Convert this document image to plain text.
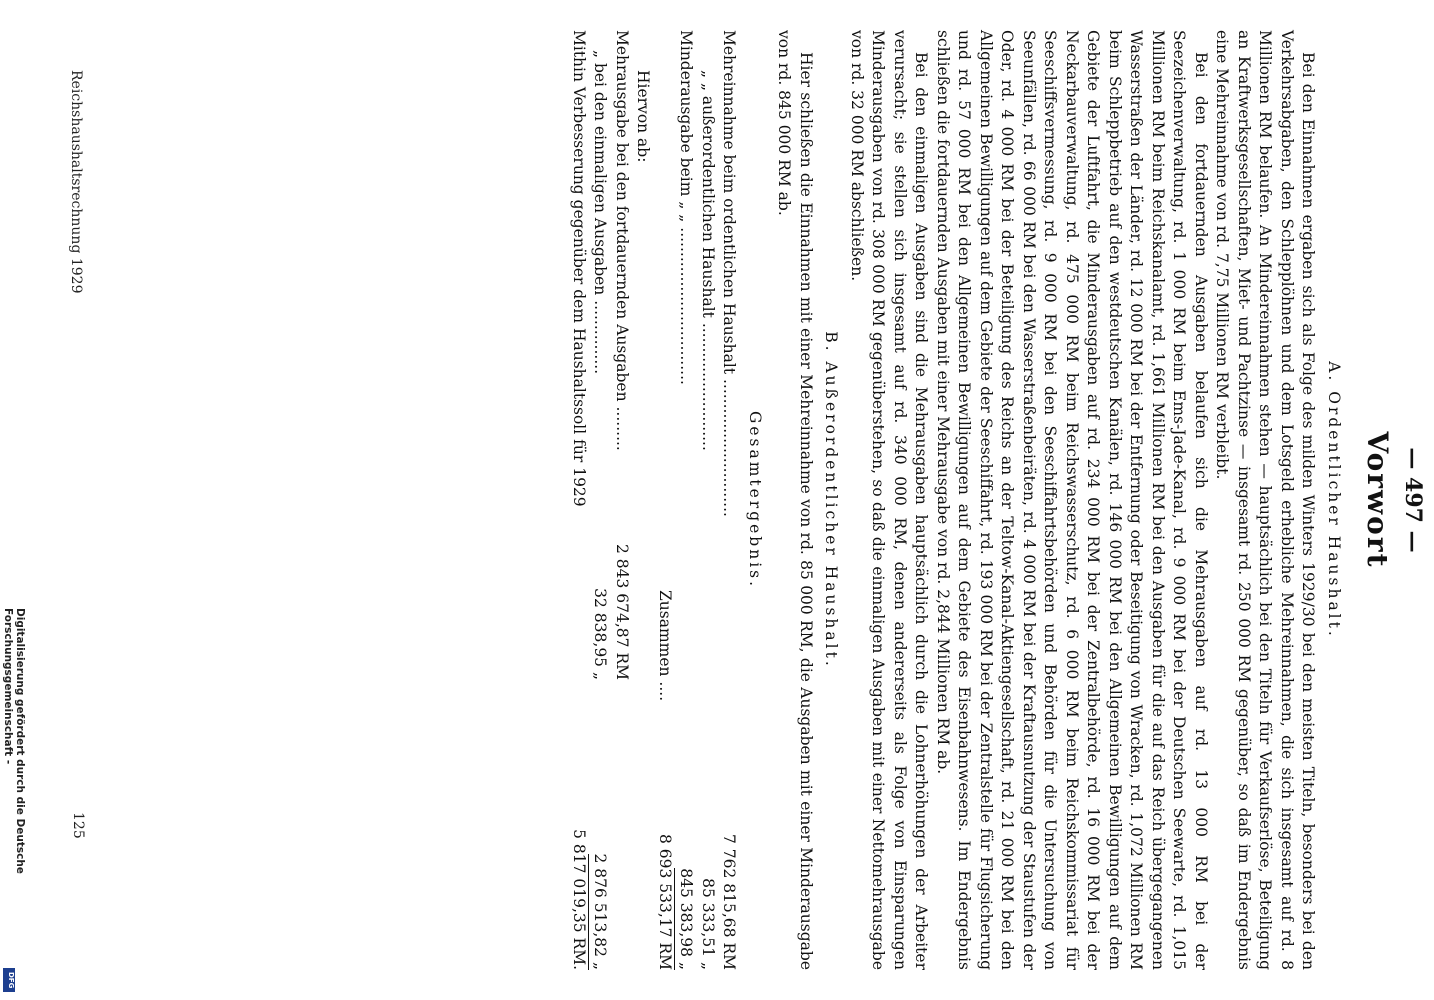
Reichshaushaltsrechnung 1929
125
Digitalisierung gefördert durch die Deutsche Forschungsgemeinschaft -
DFG
— 497 —
Vorwort
A. Ordentlicher Haushalt.

Bei den Einnahmen ergaben sich als Folge des milden Winters 1929/30 bei den meisten Titeln, besonders bei den Verkehrsabgaben, den Schlepplöhnen und dem Lotsgeld erhebliche Mehreinnahmen, die sich insgesamt auf rd. 8 Millionen RM belaufen. An Mindereinnahmen stehen — hauptsächlich bei den Titeln für Verkaufserlöse, Beteiligung an Kraftwerksgesellschaften, Miet- und Pachtzinse — insgesamt rd. 250 000 RM gegenüber, so daß im Endergebnis eine Mehreinnahme von rd. 7,75 Millionen RM verbleibt.

Bei den fortdauernden Ausgaben belaufen sich die Mehrausgaben auf rd. 13 000 RM bei der Seezeichenverwaltung, rd. 1 000 RM beim Ems-Jade-Kanal, rd. 9 000 RM bei der Deutschen Seewarte, rd. 1,015 Millionen RM beim Reichskanalamt, rd. 1,661 Millionen RM bei den Ausgaben für die auf das Reich übergegangenen Wasserstraßen der Länder, rd. 12 000 RM bei der Entfernung oder Beseitigung von Wracken, rd. 1,072 Millionen RM beim Schleppbetrieb auf den westdeutschen Kanälen, rd. 146 000 RM bei den Allgemeinen Bewilligungen auf dem Gebiete der Luftfahrt, die Minderausgaben auf rd. 234 000 RM bei der Zentralbehörde, rd. 16 000 RM bei der Neckarbauverwaltung, rd. 475 000 RM beim Reichswasserschutz, rd. 6 000 RM beim Reichskommissariat für Seeschiffsvermessung, rd. 9 000 RM bei den Seeschiffahrtsbehörden und Behörden für die Untersuchung von Seeunfällen, rd. 66 000 RM bei den Wasserstraßenbeiräten, rd. 4 000 RM bei der Kraftausnutzung der Staustufen der Oder, rd. 4 000 RM bei der Beteiligung des Reichs an der Teltow-Kanal-Aktiengesellschaft, rd. 21 000 RM bei den Allgemeinen Bewilligungen auf dem Gebiete der Seeschiffahrt, rd. 193 000 RM bei der Zentralstelle für Flugsicherung und rd. 57 000 RM bei den Allgemeinen Bewilligungen auf dem Gebiete des Eisenbahnwesens. Im Endergebnis schließen die fortdauernden Ausgaben mit einer Mehrausgabe von rd. 2,844 Millionen RM ab.

Bei den einmaligen Ausgaben sind die Mehrausgaben hauptsächlich durch die Lohnerhöhungen der Arbeiter verursacht; sie stellen sich insgesamt auf rd. 340 000 RM, denen andererseits als Folge von Einsparungen Minderausgaben von rd. 308 000 RM gegenüberstehen, so daß die einmaligen Ausgaben mit einer Nettomehrausgabe von rd. 32 000 RM abschließen.

B. Außerordentlicher Haushalt.

Hier schließen die Einnahmen mit einer Mehreinnahme von rd. 85 000 RM, die Ausgaben mit einer Minderausgabe von rd. 845 000 RM ab.

Gesamtergebnis.
Mehreinnahme beim ordentlichen Haushalt ............................
7 762 815,68 RM
„ „ außerordentlichen Haushalt ..........................
85 333,51 „
Minderausgabe beim „ „ ................................
845 383,98 „
Zusammen ....
8 693 533,17 RM
Hiervon ab:
Mehrausgabe bei den fortdauernden Ausgaben .........
2 843 674,87 RM
„ bei den einmaligen Ausgaben ...............
32 838,95 „
2 876 513,82 „
Mithin Verbesserung gegenüber dem Haushaltssoll für 1929
5 817 019,35 RM.
